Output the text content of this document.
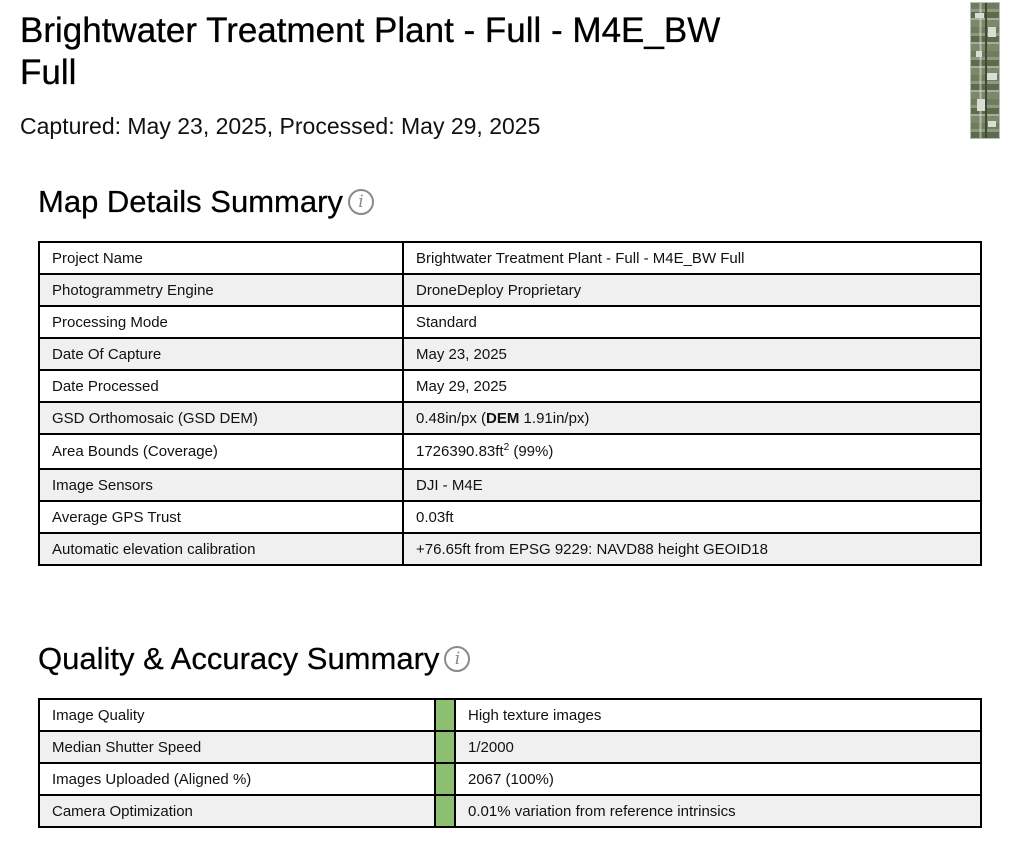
Brightwater Treatment Plant - Full - M4E_BW
Full
Captured: May 23, 2025, Processed: May 29, 2025
Map Details Summary i
Project Name	Brightwater Treatment Plant - Full - M4E_BW Full
Photogrammetry Engine	DroneDeploy Proprietary
Processing Mode	Standard
Date Of Capture	May 23, 2025
Date Processed	May 29, 2025
GSD Orthomosaic (GSD DEM)	0.48in/px (DEM 1.91in/px)
Area Bounds (Coverage)	$1726390.83ft^2$ (99%)
Image Sensors	DJI - M4E
Average GPS Trust	0.03ft
Automatic elevation calibration	+76.65ft from EPSG 9229: NAVD88 height GEOID18
Quality & Accuracy Summary i
Image Quality		High texture images
Median Shutter Speed		1/2000
Images Uploaded (Aligned %)		2067 (100%)
Camera Optimization		0.01% variation from reference intrinsics
